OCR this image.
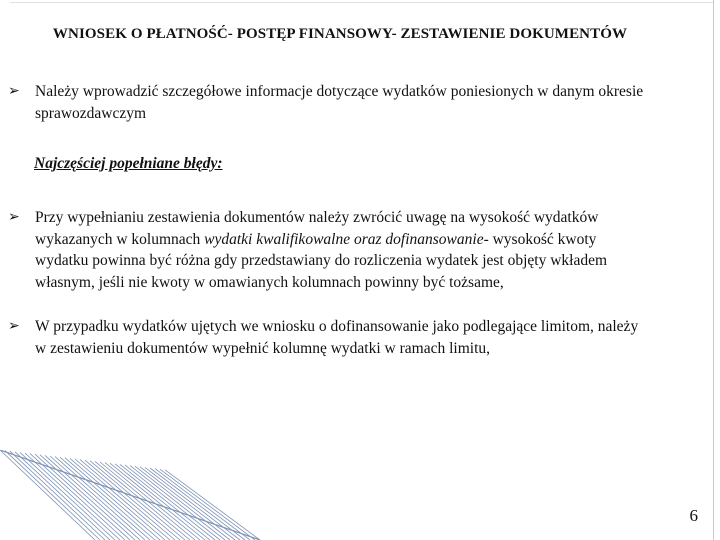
WNIOSEK O PŁATNOŚĆ- POSTĘP FINANSOWY- ZESTAWIENIE DOKUMENTÓW
➢ Należy wprowadzić szczegółowe informacje dotyczące wydatków poniesionych w danym okresie sprawozdawczym
Najczęściej popełniane błędy:
➢ Przy wypełnianiu zestawienia dokumentów należy zwrócić uwagę na wysokość wydatków wykazanych w kolumnach wydatki kwalifikowalne oraz dofinansowanie- wysokość kwoty wydatku powinna być różna gdy przedstawiany do rozliczenia wydatek jest objęty wkładem własnym, jeśli nie kwoty w omawianych kolumnach powinny być tożsame,
➢ W przypadku wydatków ujętych we wniosku o dofinansowanie jako podlegające limitom, należy w zestawieniu dokumentów wypełnić kolumnę wydatki w ramach limitu,
6
